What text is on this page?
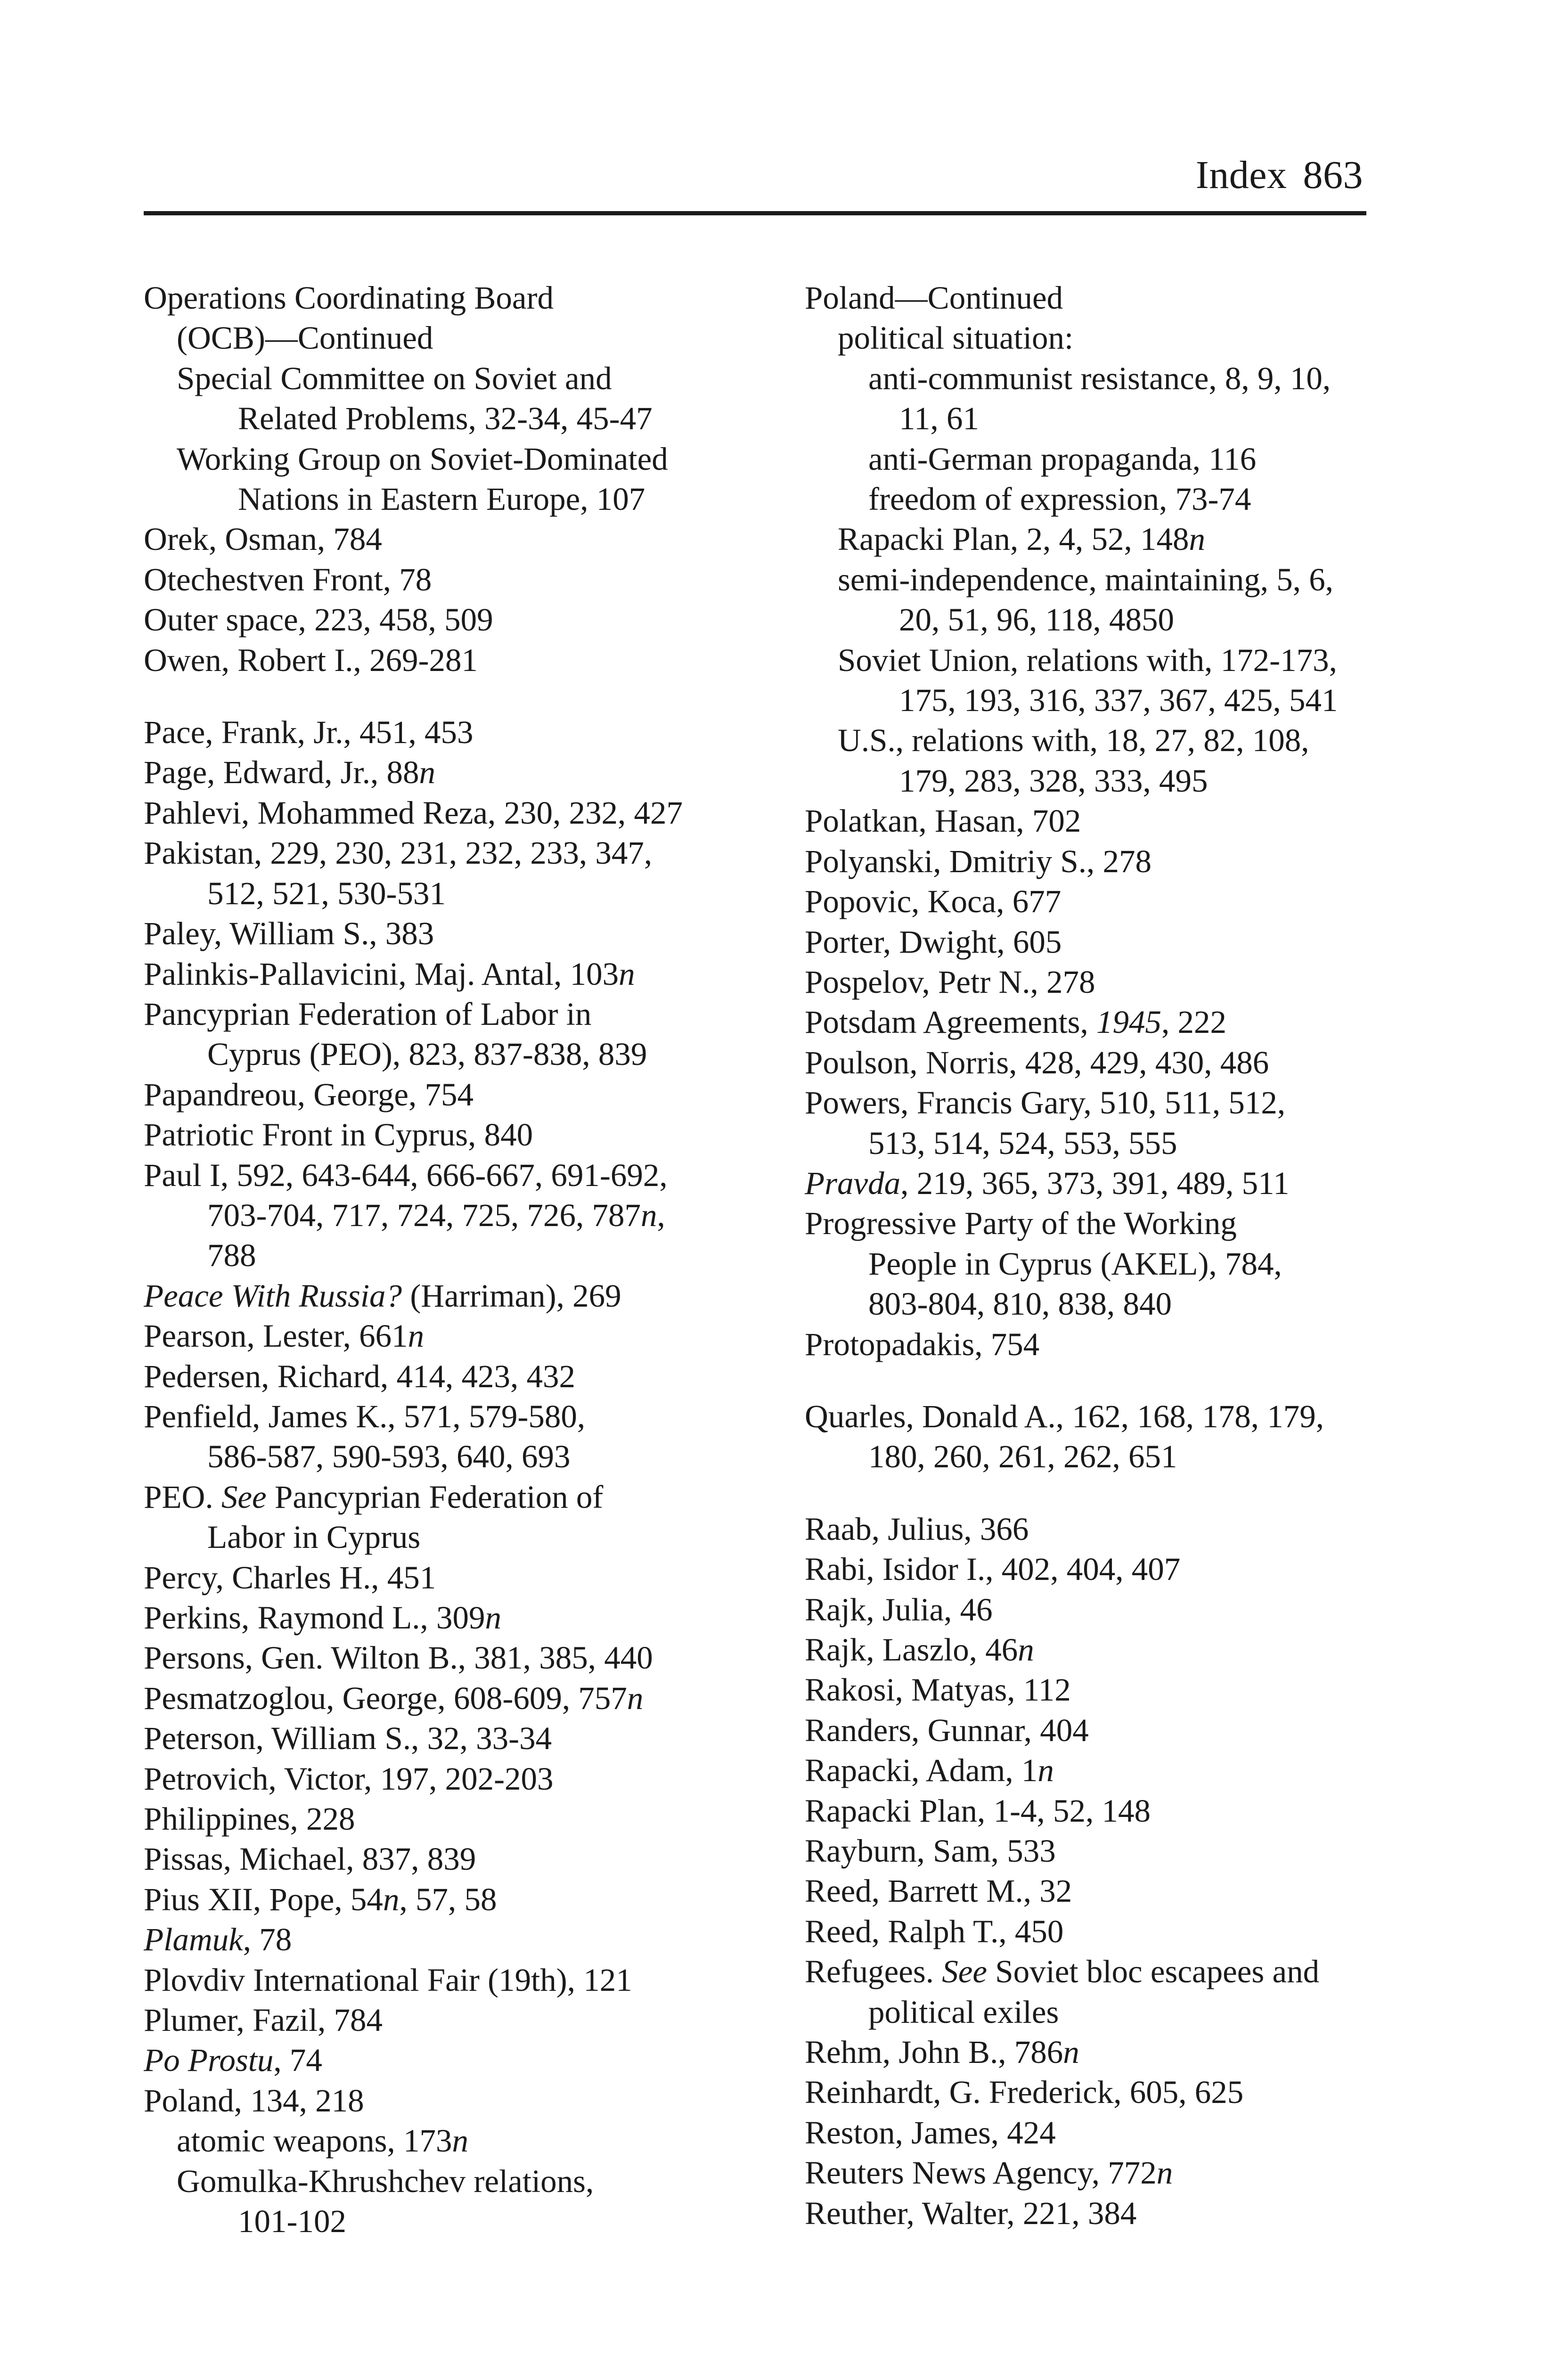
Index 863
Operations Coordinating Board
(OCB)—Continued
Special Committee on Soviet and
Related Problems, 32-34, 45-47
Working Group on Soviet-Dominated
Nations in Eastern Europe, 107
Orek, Osman, 784
Otechestven Front, 78
Outer space, 223, 458, 509
Owen, Robert I., 269-281
Pace, Frank, Jr., 451, 453
Page, Edward, Jr., 88n
Pahlevi, Mohammed Reza, 230, 232, 427
Pakistan, 229, 230, 231, 232, 233, 347,
512, 521, 530-531
Paley, William S., 383
Palinkis-Pallavicini, Maj. Antal, 103n
Pancyprian Federation of Labor in
Cyprus (PEO), 823, 837-838, 839
Papandreou, George, 754
Patriotic Front in Cyprus, 840
Paul I, 592, 643-644, 666-667, 691-692,
703-704, 717, 724, 725, 726, 787n,
788
Peace With Russia? (Harriman), 269
Pearson, Lester, 661n
Pedersen, Richard, 414, 423, 432
Penfield, James K., 571, 579-580,
586-587, 590-593, 640, 693
PEO. See Pancyprian Federation of
Labor in Cyprus
Percy, Charles H., 451
Perkins, Raymond L., 309n
Persons, Gen. Wilton B., 381, 385, 440
Pesmatzoglou, George, 608-609, 757n
Peterson, William S., 32, 33-34
Petrovich, Victor, 197, 202-203
Philippines, 228
Pissas, Michael, 837, 839
Pius XII, Pope, 54n, 57, 58
Plamuk, 78
Plovdiv International Fair (19th), 121
Plumer, Fazil, 784
Po Prostu, 74
Poland, 134, 218
atomic weapons, 173n
Gomulka-Khrushchev relations,
101-102
Poland—Continued
political situation:
anti-communist resistance, 8, 9, 10,
11, 61
anti-German propaganda, 116
freedom of expression, 73-74
Rapacki Plan, 2, 4, 52, 148n
semi-independence, maintaining, 5, 6,
20, 51, 96, 118, 4850
Soviet Union, relations with, 172-173,
175, 193, 316, 337, 367, 425, 541
U.S., relations with, 18, 27, 82, 108,
179, 283, 328, 333, 495
Polatkan, Hasan, 702
Polyanski, Dmitriy S., 278
Popovic, Koca, 677
Porter, Dwight, 605
Pospelov, Petr N., 278
Potsdam Agreements, 1945, 222
Poulson, Norris, 428, 429, 430, 486
Powers, Francis Gary, 510, 511, 512,
513, 514, 524, 553, 555
Pravda, 219, 365, 373, 391, 489, 511
Progressive Party of the Working
People in Cyprus (AKEL), 784,
803-804, 810, 838, 840
Protopadakis, 754
Quarles, Donald A., 162, 168, 178, 179,
180, 260, 261, 262, 651
Raab, Julius, 366
Rabi, Isidor I., 402, 404, 407
Rajk, Julia, 46
Rajk, Laszlo, 46n
Rakosi, Matyas, 112
Randers, Gunnar, 404
Rapacki, Adam, 1n
Rapacki Plan, 1-4, 52, 148
Rayburn, Sam, 533
Reed, Barrett M., 32
Reed, Ralph T., 450
Refugees. See Soviet bloc escapees and
political exiles
Rehm, John B., 786n
Reinhardt, G. Frederick, 605, 625
Reston, James, 424
Reuters News Agency, 772n
Reuther, Walter, 221, 384
